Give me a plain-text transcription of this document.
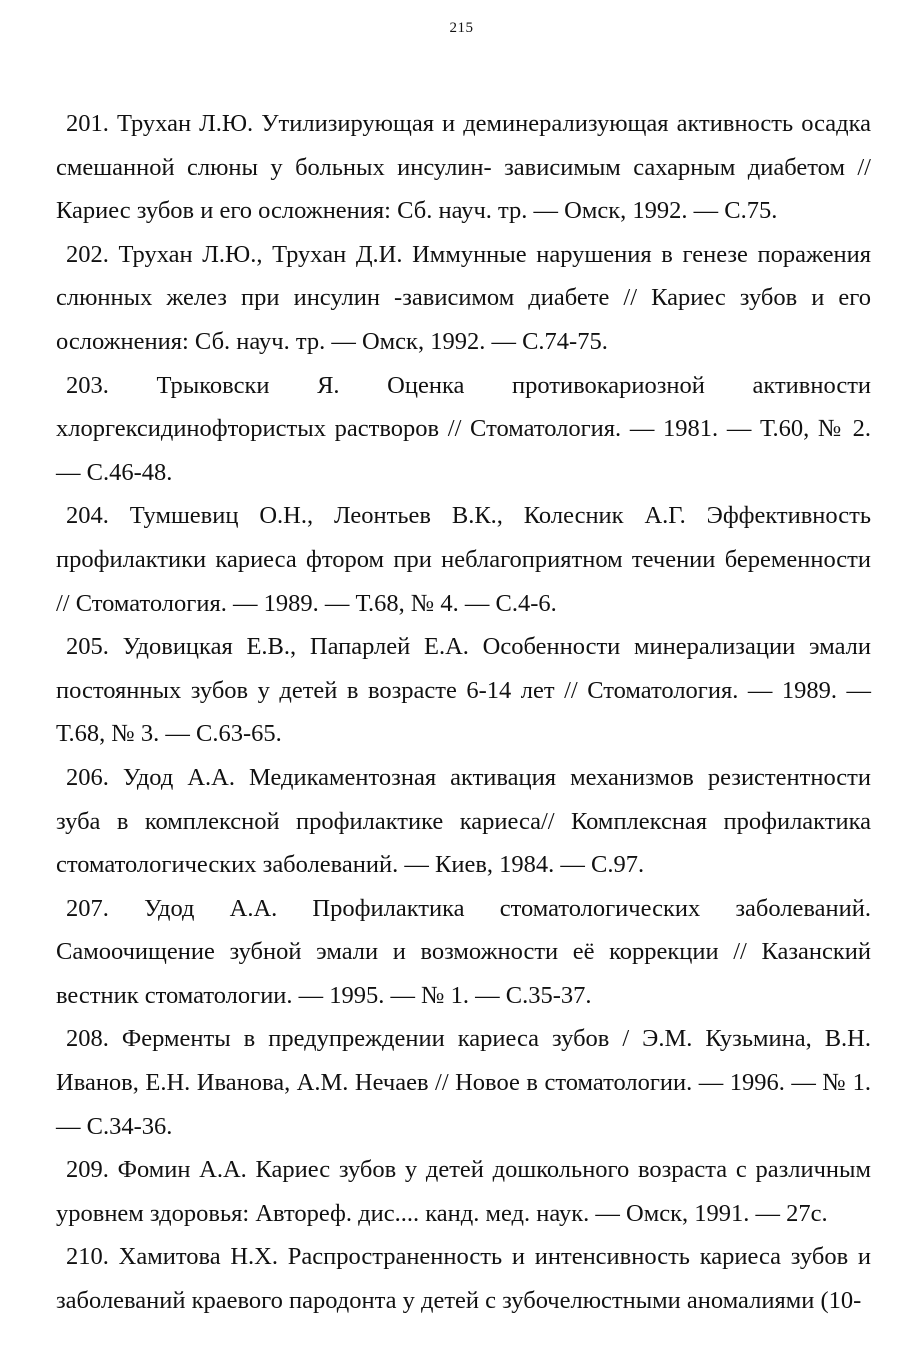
215

201. Трухан Л.Ю. Утилизирующая и деминерализующая активность осадка смешанной слюны у больных инсулин- зависимым сахарным диабетом // Кариес зубов и его осложнения: Сб. науч. тр. — Омск, 1992. — С.75.

202. Трухан Л.Ю., Трухан Д.И. Иммунные нарушения в генезе поражения слюнных желез при инсулин -зависимом диабете // Кариес зубов и его осложнения: Сб. науч. тр. — Омск, 1992. — С.74-75.

203. Трыковски Я. Оценка противокариозной активности хлоргексидинофтористых растворов // Стоматология. — 1981. — Т.60, № 2. — С.46-48.

204. Тумшевиц О.Н., Леонтьев В.К., Колесник А.Г. Эффективность профилактики кариеса фтором при неблагоприятном течении беременности // Стоматология. — 1989. — Т.68, № 4. — С.4-6.

205. Удовицкая Е.В., Папарлей Е.А. Особенности минерализации эмали постоянных зубов у детей в возрасте 6-14 лет // Стоматология. — 1989. — Т.68, № 3. — С.63-65.

206. Удод А.А. Медикаментозная активация механизмов резистентности зуба в комплексной профилактике кариеса// Комплексная профилактика стоматологических заболеваний. — Киев, 1984. — С.97.

207. Удод А.А. Профилактика стоматологических заболеваний. Самоочищение зубной эмали и возможности её коррекции // Казанский вестник стоматологии. — 1995. — № 1. — С.35-37.

208. Ферменты в предупреждении кариеса зубов / Э.М. Кузьмина, В.Н. Иванов, Е.Н. Иванова, А.М. Нечаев // Новое в стоматологии. — 1996. — № 1. — С.34-36.

209. Фомин А.А. Кариес зубов у детей дошкольного возраста с различным уровнем здоровья: Автореф. дис.... канд. мед. наук. — Омск, 1991. — 27с.

210. Хамитова Н.Х. Распространенность и интенсивность кариеса зубов и заболеваний краевого пародонта у детей с зубочелюстными аномалиями (10-
